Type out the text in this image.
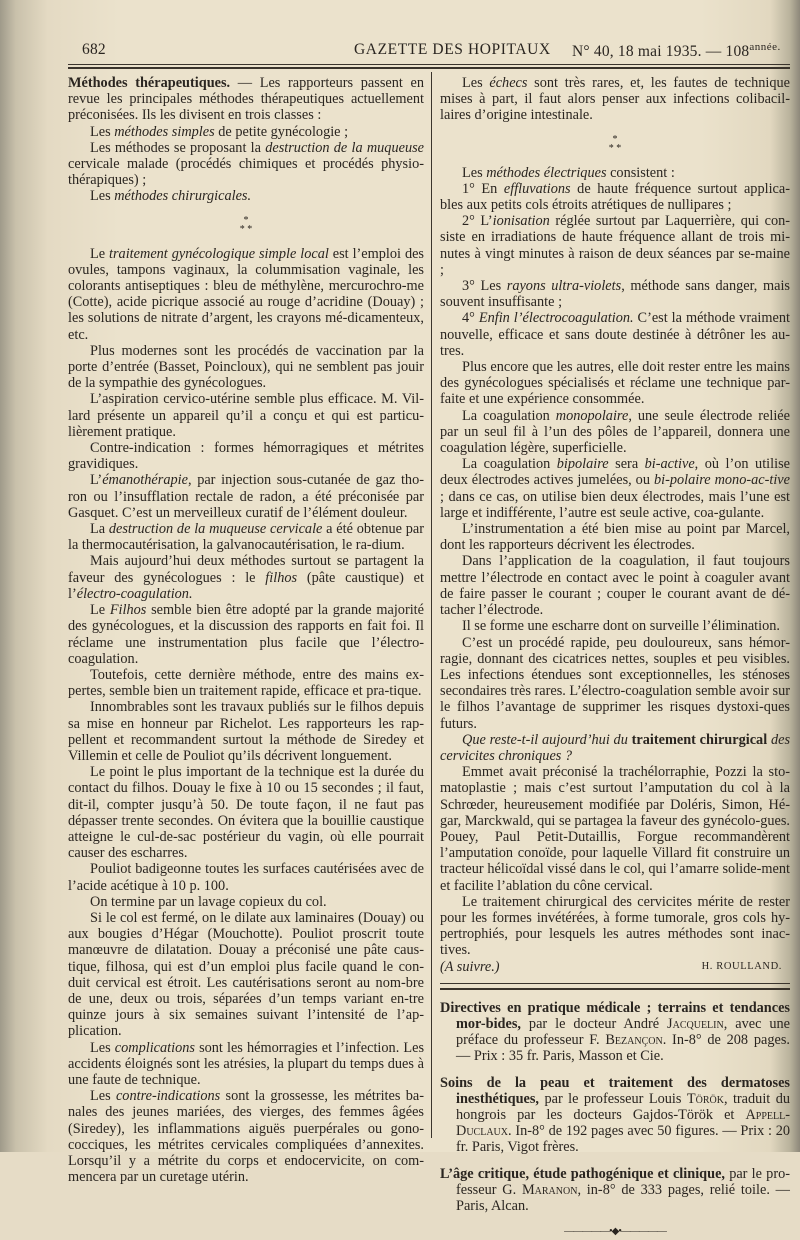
682	GAZETTE DES HOPITAUX N° 40, 18 mai 1935. — $108^{année.}$

Méthodes thérapeutiques. — Les rapporteurs passent en revue les principales méthodes thérapeutiques actuellement préconisées. Ils les divisent en trois classes :

Les méthodes simples de petite gynécologie ;

Les méthodes se proposant la destruction de la muqueuse cervicale malade (procédés chimiques et procédés physio-thérapiques) ;

Les méthodes chirurgicales.

*
* *

Le traitement gynécologique simple local est l’emploi des ovules, tampons vaginaux, la colummisation vaginale, les colorants antiseptiques : bleu de méthylène, mercurochro-me (Cotte), acide picrique associé au rouge d’acridine (Douay) ; les solutions de nitrate d’argent, les crayons mé-dicamenteux, etc.

Plus modernes sont les procédés de vaccination par la porte d’entrée (Basset, Poincloux), qui ne semblent pas jouir de la sympathie des gynécologues.

L’aspiration cervico-utérine semble plus efficace. M. Vil-lard présente un appareil qu’il a conçu et qui est particu-lièrement pratique.

Contre-indication : formes hémorragiques et métrites gravidiques.

L’émanothérapie, par injection sous-cutanée de gaz tho-ron ou l’insufflation rectale de radon, a été préconisée par Gasquet. C’est un merveilleux curatif de l’élément douleur.

La destruction de la muqueuse cervicale a été obtenue par la thermocautérisation, la galvanocautérisation, le ra-dium.

Mais aujourd’hui deux méthodes surtout se partagent la faveur des gynécologues : le filhos (pâte caustique) et l’électro-coagulation.

Le Filhos semble bien être adopté par la grande majorité des gynécologues, et la discussion des rapports en fait foi. Il réclame une instrumentation plus facile que l’électro-coagulation.

Toutefois, cette dernière méthode, entre des mains ex-pertes, semble bien un traitement rapide, efficace et pra-tique.

Innombrables sont les travaux publiés sur le filhos depuis sa mise en honneur par Richelot. Les rapporteurs les rap-pellent et recommandent surtout la méthode de Siredey et Villemin et celle de Pouliot qu’ils décrivent longuement.

Le point le plus important de la technique est la durée du contact du filhos. Douay le fixe à 10 ou 15 secondes ; il faut, dit-il, compter jusqu’à 50. De toute façon, il ne faut pas dépasser trente secondes. On évitera que la bouillie caustique atteigne le cul-de-sac postérieur du vagin, où elle pourrait causer des escharres.

Pouliot badigeonne toutes les surfaces cautérisées avec de l’acide acétique à 10 p. 100.

On termine par un lavage copieux du col.

Si le col est fermé, on le dilate aux laminaires (Douay) ou aux bougies d’Hégar (Mouchotte). Pouliot proscrit toute manœuvre de dilatation. Douay a préconisé une pâte caus-tique, filhosa, qui est d’un emploi plus facile quand le con-duit cervical est étroit. Les cautérisations seront au nom-bre de une, deux ou trois, séparées d’un temps variant en-tre quinze jours à six semaines suivant l’intensité de l’ap-plication.

Les complications sont les hémorragies et l’infection. Les accidents éloignés sont les atrésies, la plupart du temps dues à une faute de technique.

Les contre-indications sont la grossesse, les métrites ba-nales des jeunes mariées, des vierges, des femmes âgées (Siredey), les inflammations aiguës puerpérales ou gono-cocciques, les métrites cervicales compliquées d’annexites. Lorsqu’il y a métrite du corps et endocervicite, on com-mencera par un curetage utérin.

Les échecs sont très rares, et, les fautes de technique mises à part, il faut alors penser aux infections colibacil-laires d’origine intestinale.

*
* *

Les méthodes électriques consistent :

1° En effluvations de haute fréquence surtout applica-bles aux petits cols étroits atrétiques de nullipares ;

2° L’ionisation réglée surtout par Laquerrière, qui con-siste en irradiations de haute fréquence allant de trois mi-nutes à vingt minutes à raison de deux séances par se-maine ;

3° Les rayons ultra-violets, méthode sans danger, mais souvent insuffisante ;

4° Enfin l’électrocoagulation. C’est la méthode vraiment nouvelle, efficace et sans doute destinée à détrôner les au-tres.

Plus encore que les autres, elle doit rester entre les mains des gynécologues spécialisés et réclame une technique par-faite et une expérience consommée.

La coagulation monopolaire, une seule électrode reliée par un seul fil à l’un des pôles de l’appareil, donnera une coagulation légère, superficielle.

La coagulation bipolaire sera bi-active, où l’on utilise deux électrodes actives jumelées, ou bi-polaire mono-ac-tive ; dans ce cas, on utilise bien deux électrodes, mais l’une est large et indifférente, l’autre est seule active, coa-gulante.

L’instrumentation a été bien mise au point par Marcel, dont les rapporteurs décrivent les électrodes.

Dans l’application de la coagulation, il faut toujours mettre l’électrode en contact avec le point à coaguler avant de faire passer le courant ; couper le courant avant de dé-tacher l’électrode.

Il se forme une escharre dont on surveille l’élimination.

C’est un procédé rapide, peu douloureux, sans hémor-ragie, donnant des cicatrices nettes, souples et peu visibles. Les infections étendues sont exceptionnelles, les sténoses secondaires très rares. L’électro-coagulation semble avoir sur le filhos l’avantage de supprimer les risques dystoxi-ques futurs.

Que reste-t-il aujourd’hui du traitement chirurgical des cervicites chroniques ?

Emmet avait préconisé la trachélorraphie, Pozzi la sto-matoplastie ; mais c’est surtout l’amputation du col à la Schrœder, heureusement modifiée par Doléris, Simon, Hé-gar, Marckwald, qui se partagea la faveur des gynécolo-gues. Pouey, Paul Petit-Dutaillis, Forgue recommandèrent l’amputation conoïde, pour laquelle Villard fit construire un tracteur hélicoïdal vissé dans le col, qui l’amarre solide-ment et facilite l’ablation du cône cervical.

Le traitement chirurgical des cervicites mérite de rester pour les formes invétérées, à forme tumorale, gros cols hy-pertrophiés, pour lesquels les autres méthodes sont inac-tives.

(A suivre.)	H. ROULLAND.

Directives en pratique médicale ; terrains et tendances mor-bides, par le docteur André Jacquelin, avec une préface du professeur F. Bezançon. In-8° de 208 pages. — Prix : 35 fr. Paris, Masson et Cie.

Soins de la peau et traitement des dermatoses inesthétiques, par le professeur Louis Török, traduit du hongrois par les docteurs Gajdos-Török et Appell-Duclaux. In-8° de 192 pages avec 50 figures. — Prix : 20 fr. Paris, Vigot frères.

L’âge critique, étude pathogénique et clinique, par le pro-fesseur G. Maranon, in-8° de 333 pages, relié toile. — Paris, Alcan.

—————•◆•—————
